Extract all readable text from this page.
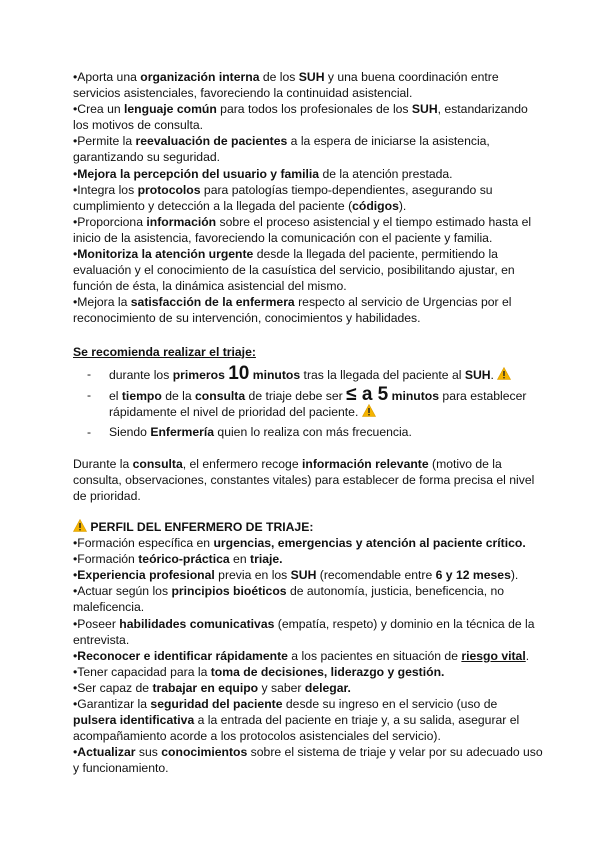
•Aporta una organización interna de los SUH y una buena coordinación entre servicios asistenciales, favoreciendo la continuidad asistencial.

•Crea un lenguaje común para todos los profesionales de los SUH, estandarizando los motivos de consulta.

•Permite la reevaluación de pacientes a la espera de iniciarse la asistencia, garantizando su seguridad.

•Mejora la percepción del usuario y familia de la atención prestada.

•Integra los protocolos para patologías tiempo-dependientes, asegurando su cumplimiento y detección a la llegada del paciente (códigos).

•Proporciona información sobre el proceso asistencial y el tiempo estimado hasta el inicio de la asistencia, favoreciendo la comunicación con el paciente y familia.

•Monitoriza la atención urgente desde la llegada del paciente, permitiendo la evaluación y el conocimiento de la casuística del servicio, posibilitando ajustar, en función de ésta, la dinámica asistencial del mismo.

•Mejora la satisfacción de la enfermera respecto al servicio de Urgencias por el reconocimiento de su intervención, conocimientos y habilidades.

Se recomienda realizar el triaje:

- durante los primeros 10 minutos tras la llegada del paciente al SUH.
- el tiempo de la consulta de triaje debe ser ≤ a 5 minutos para establecer rápidamente el nivel de prioridad del paciente.
- Siendo Enfermería quien lo realiza con más frecuencia.

Durante la consulta, el enfermero recoge información relevante (motivo de la consulta, observaciones, constantes vitales) para establecer de forma precisa el nivel de prioridad.

PERFIL DEL ENFERMERO DE TRIAJE:

•Formación específica en urgencias, emergencias y atención al paciente crítico.

•Formación teórico-práctica en triaje.

•Experiencia profesional previa en los SUH (recomendable entre 6 y 12 meses).

•Actuar según los principios bioéticos de autonomía, justicia, beneficencia, no maleficencia.

•Poseer habilidades comunicativas (empatía, respeto) y dominio en la técnica de la entrevista.

•Reconocer e identificar rápidamente a los pacientes en situación de riesgo vital.

•Tener capacidad para la toma de decisiones, liderazgo y gestión.

•Ser capaz de trabajar en equipo y saber delegar.

•Garantizar la seguridad del paciente desde su ingreso en el servicio (uso de pulsera identificativa a la entrada del paciente en triaje y, a su salida, asegurar el acompañamiento acorde a los protocolos asistenciales del servicio).

•Actualizar sus conocimientos sobre el sistema de triaje y velar por su adecuado uso y funcionamiento.
